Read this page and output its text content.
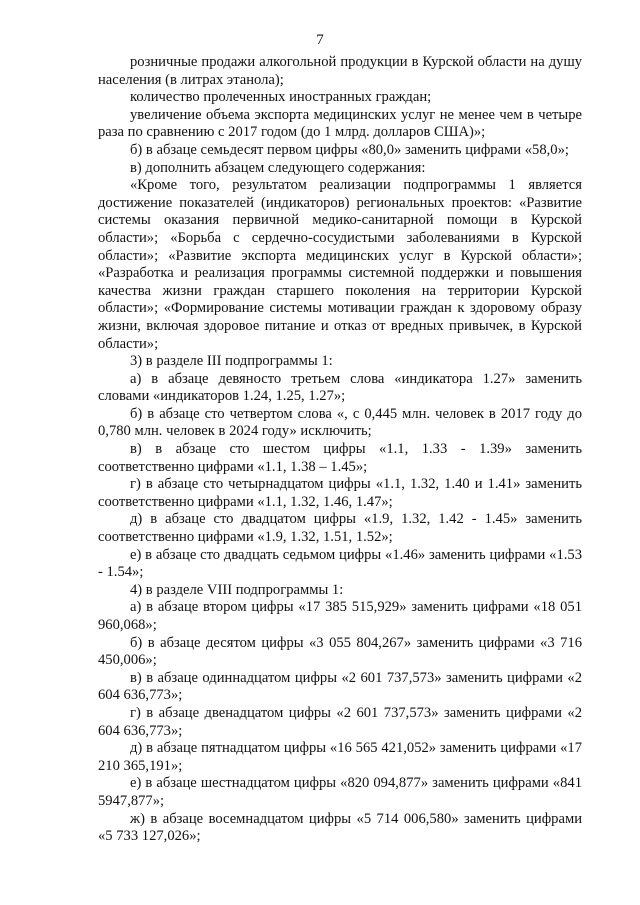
7

розничные продажи алкогольной продукции в Курской области на душу населения (в литрах этанола);

количество пролеченных иностранных граждан;

увеличение объема экспорта медицинских услуг не менее чем в четыре раза по сравнению с 2017 годом (до 1 млрд. долларов США)»;

б) в абзаце семьдесят первом цифры «80,0» заменить цифрами «58,0»;

в) дополнить абзацем следующего содержания:

«Кроме того, результатом реализации подпрограммы 1 является достижение показателей (индикаторов) региональных проектов: «Развитие системы оказания первичной медико-санитарной помощи в Курской области»; «Борьба с сердечно-сосудистыми заболеваниями в Курской области»; «Развитие экспорта медицинских услуг в Курской области»; «Разработка и реализация программы системной поддержки и повышения качества жизни граждан старшего поколения на территории Курской области»; «Формирование системы мотивации граждан к здоровому образу жизни, включая здоровое питание и отказ от вредных привычек, в Курской области»;

3) в разделе III подпрограммы 1:

а) в абзаце девяносто третьем слова «индикатора 1.27» заменить словами «индикаторов 1.24, 1.25, 1.27»;

б) в абзаце сто четвертом слова «, с 0,445 млн. человек в 2017 году до 0,780 млн. человек в 2024 году» исключить;

в) в абзаце сто шестом цифры «1.1, 1.33 - 1.39» заменить соответственно цифрами «1.1, 1.38 – 1.45»;

г) в абзаце сто четырнадцатом цифры «1.1, 1.32, 1.40 и 1.41» заменить соответственно цифрами «1.1, 1.32, 1.46, 1.47»;

д) в абзаце сто двадцатом цифры «1.9, 1.32, 1.42 - 1.45» заменить соответственно цифрами «1.9, 1.32, 1.51, 1.52»;

е) в абзаце сто двадцать седьмом цифры «1.46» заменить цифрами «1.53 - 1.54»;

4) в разделе VIII подпрограммы 1:

а) в абзаце втором цифры «17 385 515,929» заменить цифрами «18 051 960,068»;

б) в абзаце десятом цифры «3 055 804,267» заменить цифрами «3 716 450,006»;

в) в абзаце одиннадцатом цифры «2 601 737,573» заменить цифрами «2 604 636,773»;

г) в абзаце двенадцатом цифры «2 601 737,573» заменить цифрами «2 604 636,773»;

д) в абзаце пятнадцатом цифры «16 565 421,052» заменить цифрами «17 210 365,191»;

е) в абзаце шестнадцатом цифры «820 094,877» заменить цифрами «841 5947,877»;

ж) в абзаце восемнадцатом цифры «5 714 006,580» заменить цифрами «5 733 127,026»;
